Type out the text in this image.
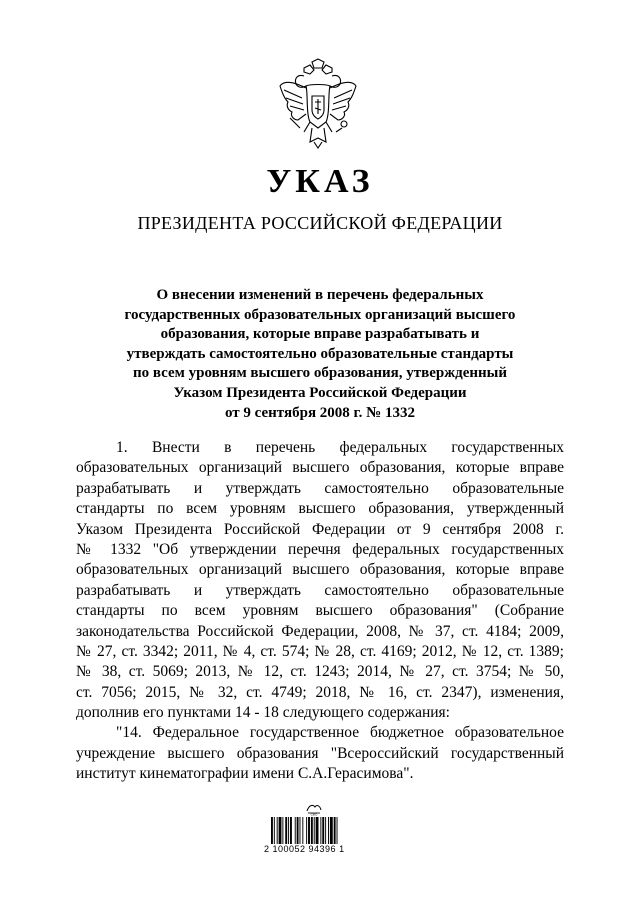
УКАЗ
ПРЕЗИДЕНТА РОССИЙСКОЙ ФЕДЕРАЦИИ
О внесении изменений в перечень федеральных
государственных образовательных организаций высшего
образования, которые вправе разрабатывать и
утверждать самостоятельно образовательные стандарты
по всем уровням высшего образования, утвержденный
Указом Президента Российской Федерации
от 9 сентября 2008 г. № 1332
1. Внести в перечень федеральных государственных
образовательных организаций высшего образования, которые вправе
разрабатывать и утверждать самостоятельно образовательные
стандарты по всем уровням высшего образования, утвержденный
Указом Президента Российской Федерации от 9 сентября 2008 г.
№ 1332 "Об утверждении перечня федеральных государственных
образовательных организаций высшего образования, которые вправе
разрабатывать и утверждать самостоятельно образовательные
стандарты по всем уровням высшего образования" (Собрание
законодательства Российской Федерации, 2008, № 37, ст. 4184; 2009,
№ 27, ст. 3342; 2011, № 4, ст. 574; № 28, ст. 4169; 2012, № 12, ст. 1389;
№ 38, ст. 5069; 2013, № 12, ст. 1243; 2014, № 27, ст. 3754; № 50,
ст. 7056; 2015, № 32, ст. 4749; 2018, № 16, ст. 2347), изменения,
дополнив его пунктами 14 - 18 следующего содержания:
"14. Федеральное государственное бюджетное образовательное
учреждение высшего образования "Всероссийский государственный
институт кинематографии имени С.А.Герасимова".
СФО
2 100052 94396 1
